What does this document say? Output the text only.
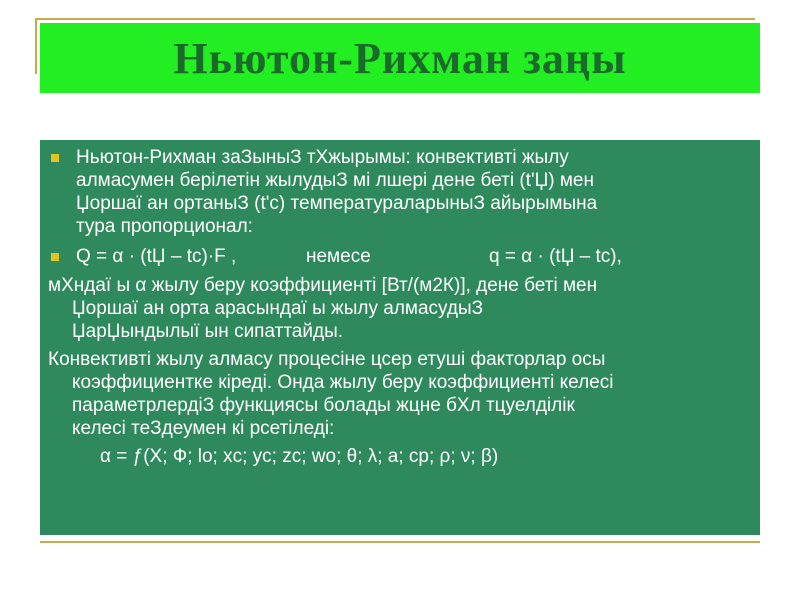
Ньютон-Рихман заңы
Ньютон-Рихман заЗыныЗ тХжырымы: конвективті жылу
алмасумен берілетін жылудыЗ мі лшері дене беті (t'Џ) мен
Џоршаї ан ортаныЗ (t'c) температураларыныЗ айырымына
тура пропорционал:
Q = α · (tЏ – tc)·F ,	немесе	q = α · (tЏ – tc),
мХндаї ы α жылу беру коэффициенті [Вт/(м2К)], дене беті мен
Џоршаї ан орта арасындаї ы жылу алмасудыЗ
ЏарЏындылыї ын сипаттайды.
Конвективті жылу алмасу процесіне цсер етуші факторлар осы
коэффициентке кіреді. Онда жылу беру коэффициенті келесі
параметрлердіЗ функциясы болады жцне бХл тцуелділік
келесі теЗдеумен кі рсетіледі:
α = ƒ(X; Ф; lo; xc; yc; zc; wo; θ; λ; a; cp; ρ; ν; β)
